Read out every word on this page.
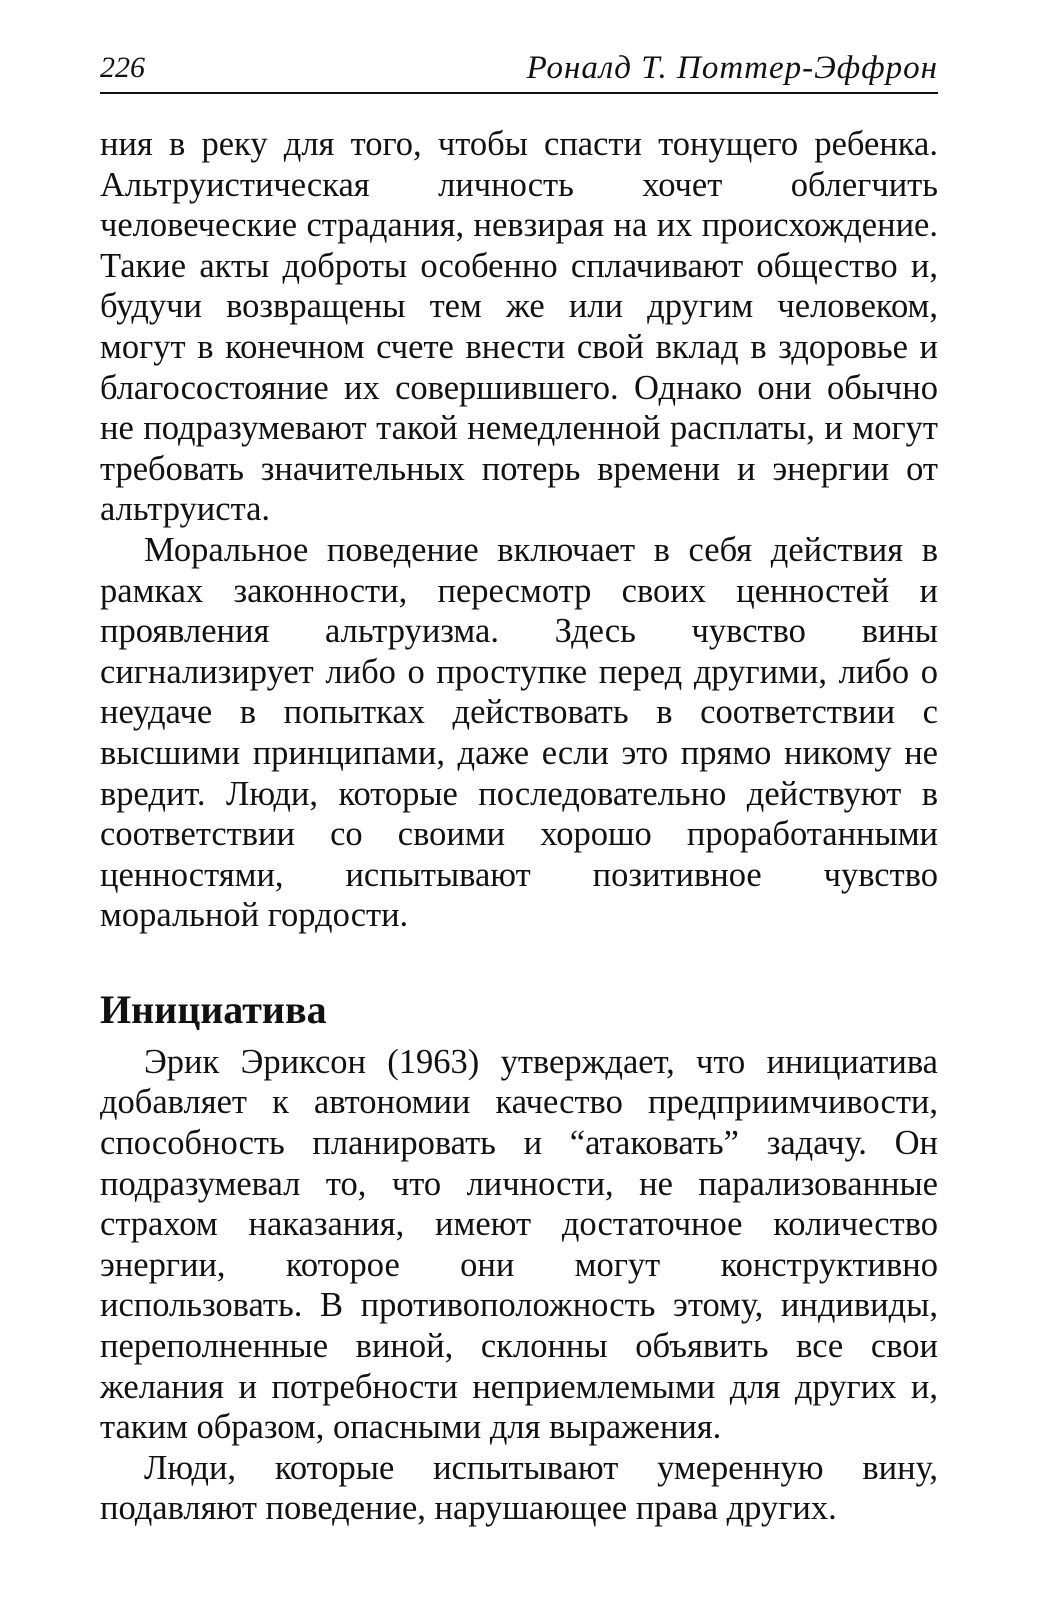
226	Роналд Т. Поттер-Эффрон

ния в реку для того, чтобы спасти тонущего ребенка. Альтруистическая личность хочет облегчить человеческие страдания, невзирая на их происхождение. Такие акты доброты особенно сплачивают общество и, будучи возвращены тем же или другим человеком, могут в конечном счете внести свой вклад в здоровье и благосостояние их совершившего. Однако они обычно не подразумевают такой немедленной расплаты, и могут требовать значительных потерь времени и энергии от альтруиста.

Моральное поведение включает в себя действия в рамках законности, пересмотр своих ценностей и проявления альтруизма. Здесь чувство вины сигнализирует либо о проступке перед другими, либо о неудаче в попытках действовать в соответствии с высшими принципами, даже если это прямо никому не вредит. Люди, которые последовательно действуют в соответствии со своими хорошо проработанными ценностями, испытывают позитивное чувство моральной гордости.

Инициатива

Эрик Эриксон (1963) утверждает, что инициатива добавляет к автономии качество предприимчивости, способность планировать и “атаковать” задачу. Он подразумевал то, что личности, не парализованные страхом наказания, имеют достаточное количество энергии, которое они могут конструктивно использовать. В противоположность этому, индивиды, переполненные виной, склонны объявить все свои желания и потребности неприемлемыми для других и, таким образом, опасными для выражения.

Люди, которые испытывают умеренную вину, подавляют поведение, нарушающее права других.
